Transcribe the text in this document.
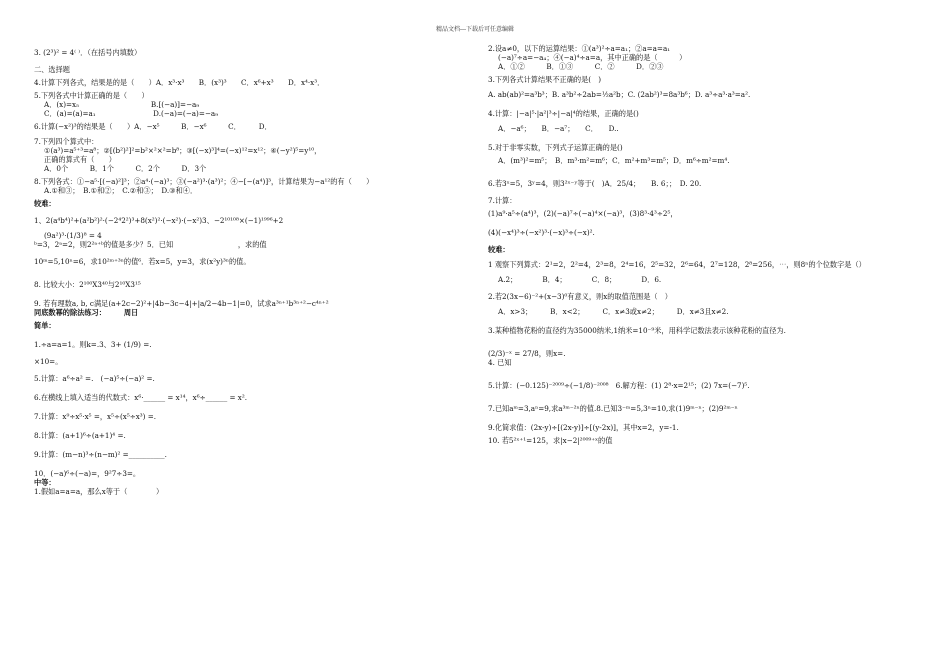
精品文档---下载后可任意编辑

3. (2³)² = 4⁽ ⁾．（在括号内填数）

二、选择题

4.计算下列各式，结果是的是（　　）A．x³·x³　　B．(x³)³　　C．x⁶+x³　　D．x⁴·x³．

5.下列各式中计算正确的是（　　）

A．(x)=x₅　　　　　　　　　　B.[(−a)]=−a₉

C．(a)=(a)=a₁　　　　　　　　D.(−a)=(−a)=−a₉

6.计算(−x²)³的结果是（　　）A．−x⁵　　　B．−x⁶　　　C．　　　D．

7.下列四个算式中：

①(a³)=a⁵⁺³=a⁸；②[(b²)²]²=b²×²×²=b⁸；③[(−x)³]⁴=(−x)¹²=x¹²；④(−y²)⁵=y¹⁰，

正确的算式有（　　）

A．0个　　　B．1个　　　C．2个　　　D．3个

8.下列各式：①−a⁵·[(−a)²]³；②a⁴·(−a)³；③(−a²)³·(a³)²；④−[−(a⁴)]³，计算结果为−a¹²的有（　　）

A.①和③；　B.①和②；　C.②和③；　D.③和④．

较难：

1、2(a⁴b⁴)²+(a²b²)²·(−2⁴2²)³+8(x²)²·(−x²)·(−x²)3、−2¹⁰¹⁰⁸×(−1)¹⁹⁹⁶+2

(9a²)³·(1/3)⁸ = 4

ᵇ=3，2ᵃ=2，则2²ᵃ⁺ᵇ的值是多少？5．已知　　　　　　　　　，求的值

10ᵐ=5,10ⁿ=6，求10²ᵐ⁺³ⁿ的值⁶．若x=5，y=3，求(x²y)³ⁿ的值。

8. 比较大小：2¹⁰⁰X3⁴⁰与2¹⁰X3¹⁵

9. 若有理数a, b, c满足(a+2c−2)²+|4b−3c−4|+|a/2−4b−1|=0，试求a³ⁿ⁺¹b³ⁿ⁺²−c⁴ⁿ⁺²

同底数幂的除法练习：　　　周日

简单：

1.÷a=a=1。则k=.3、3+ (1/9) =.

×10=。

5.计算：a⁶÷a² =.　(−a)⁵÷(−a)² =.

6.在横线上填入适当的代数式：x⁶·______ = x¹⁴，x⁶÷______ = x².

7.计算：x⁹÷x⁵·x⁵ =，x⁵÷(x⁵÷x³) =.

8.计算：(a+1)⁶÷(a+1)⁴ =.

9.计算：(m−n)³÷(n−m)² =__________.

10．(−a)⁶÷(−a)=，9²7÷3=。

中等：

1.假如a=a=a，那么x等于（　　　　）

2.设a≠0，以下的运算结果：①(a³)²÷a=a₁；②a=a=a₁

(−a)⁷÷a=−a₄；④(−a)⁴÷a=a，其中正确的是（　　　）

A．①②　　　B．①③　　　C．②　　　D．②③

3.下列各式计算结果不正确的是(　)

A. ab(ab)²=a³b³；B. a³b²÷2ab=½a²b；C. (2ab²)³=8a³b⁶；D. a³÷a³·a³=a².

4.计算：|−a|⁵·|a²|³÷|−a|⁴的结果，正确的是()

A．−a⁶；　　B．−a⁷；　　C．　　D..

5.对于非零实数，下列式子运算正确的是()

A．(m³)²=m⁵；　B．m³·m²=m⁶；C．m²+m³=m⁵；D．m⁶÷m²=m⁴.

6.若3ˣ=5，3ʸ=4，则3²ˣ⁻ʸ等于(　)A．25/4；　　B. 6；；　D. 20.

7.计算：

(1)a⁹·a⁵÷(a⁴)³，(2)(−a)⁷÷(−a)⁴×(−a)³，(3)8³·4³÷2⁵，

(4)(−x⁴)³÷(−x²)³·(−x)³÷(−x)².

较难：

1 观察下列算式：2¹=2，2²=4，2³=8，2⁴=16，2⁵=32，2⁶=64，2⁷=128，2⁸=256，⋯，则8ⁿ的个位数字是（）

A.2；　　　　B．4；　　　　C．8；　　　　D．6.

2.若2(3x−6)⁻²+(x−3)⁰有意义，则x的取值范围是（　）

A．x>3；　　　B．x<2；　　　C．x≠3或x≠2；　　　D．x≠3且x≠2.

3.某种植物花粉的直径约为35000纳米,1纳米=10⁻⁹米，用科学记数法表示该种花粉的直径为.

(2/3)⁻ˣ = 27/8，则x=.

4. 已知

5.计算：(−0.125)⁻²⁰⁰⁹÷(−1/8)⁻²⁰⁰⁸　6.解方程：(1) 2⁸·x=2¹⁵；(2) 7x=(−7)⁵.

7.已知aᵐ=3,aⁿ=9,求a³ᵐ⁻²ⁿ的值.8.已知3⁻ᵐ=5,3ⁿ=10,求(1)9ᵐ⁻ⁿ；(2)9²ᵐ⁻ⁿ

9.化简求值：(2x-y)÷[(2x-y)]÷[(y-2x)]，其中x=2，y=-1.

10. 若5²ˣ⁺¹=125，求|x−2|²⁰⁰⁹⁺ˣ的值
